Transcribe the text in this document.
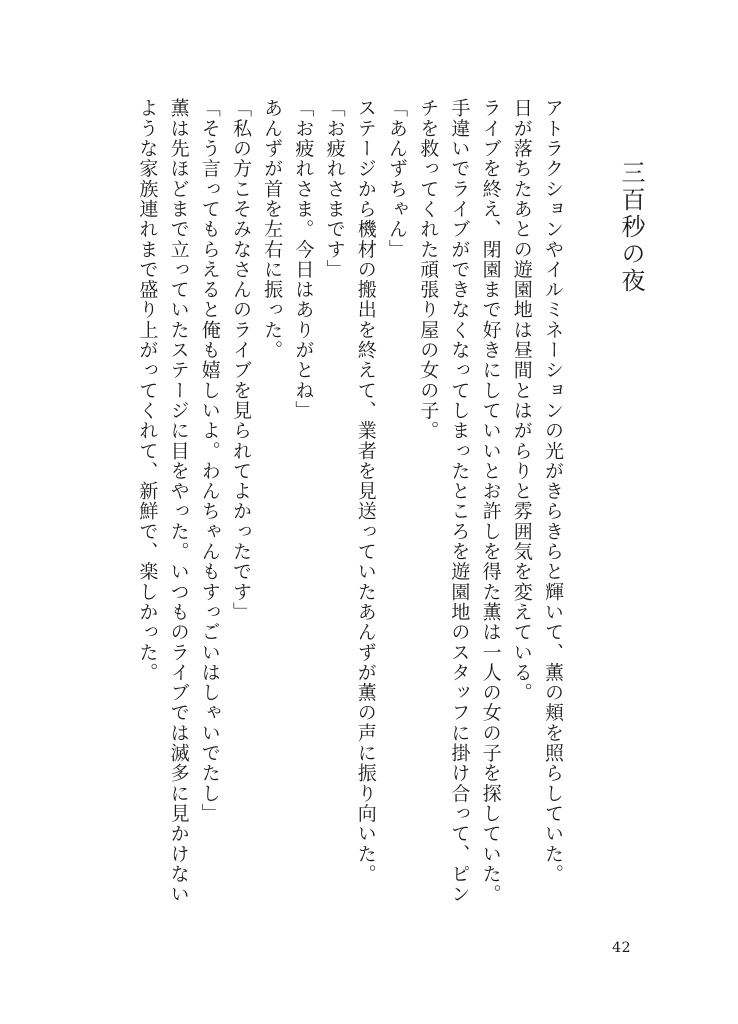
三百秒の夜

アトラクションやイルミネーションの光がきらきらと輝いて、薫の頬を照らしていた。

日が落ちたあとの遊園地は昼間とはがらりと雰囲気を変えている。

ライブを終え、閉園まで好きにしていいとお許しを得た薫は一人の女の子を探していた。手違いでライブができなくなってしまったところを遊園地のスタッフに掛け合って、ピンチを救ってくれた頑張り屋の女の子。

「あんずちゃん」

ステージから機材の搬出を終えて、業者を見送っていたあんずが薫の声に振り向いた。

「お疲れさまです」

「お疲れさま。今日はありがとね」

あんずが首を左右に振った。

「私の方こそみなさんのライブを見られてよかったです」

「そう言ってもらえると俺も嬉しいよ。わんちゃんもすっごいはしゃいでたし」

薫は先ほどまで立っていたステージに目をやった。いつものライブでは滅多に見かけないような家族連れまで盛り上がってくれて、新鮮で、楽しかった。

42
